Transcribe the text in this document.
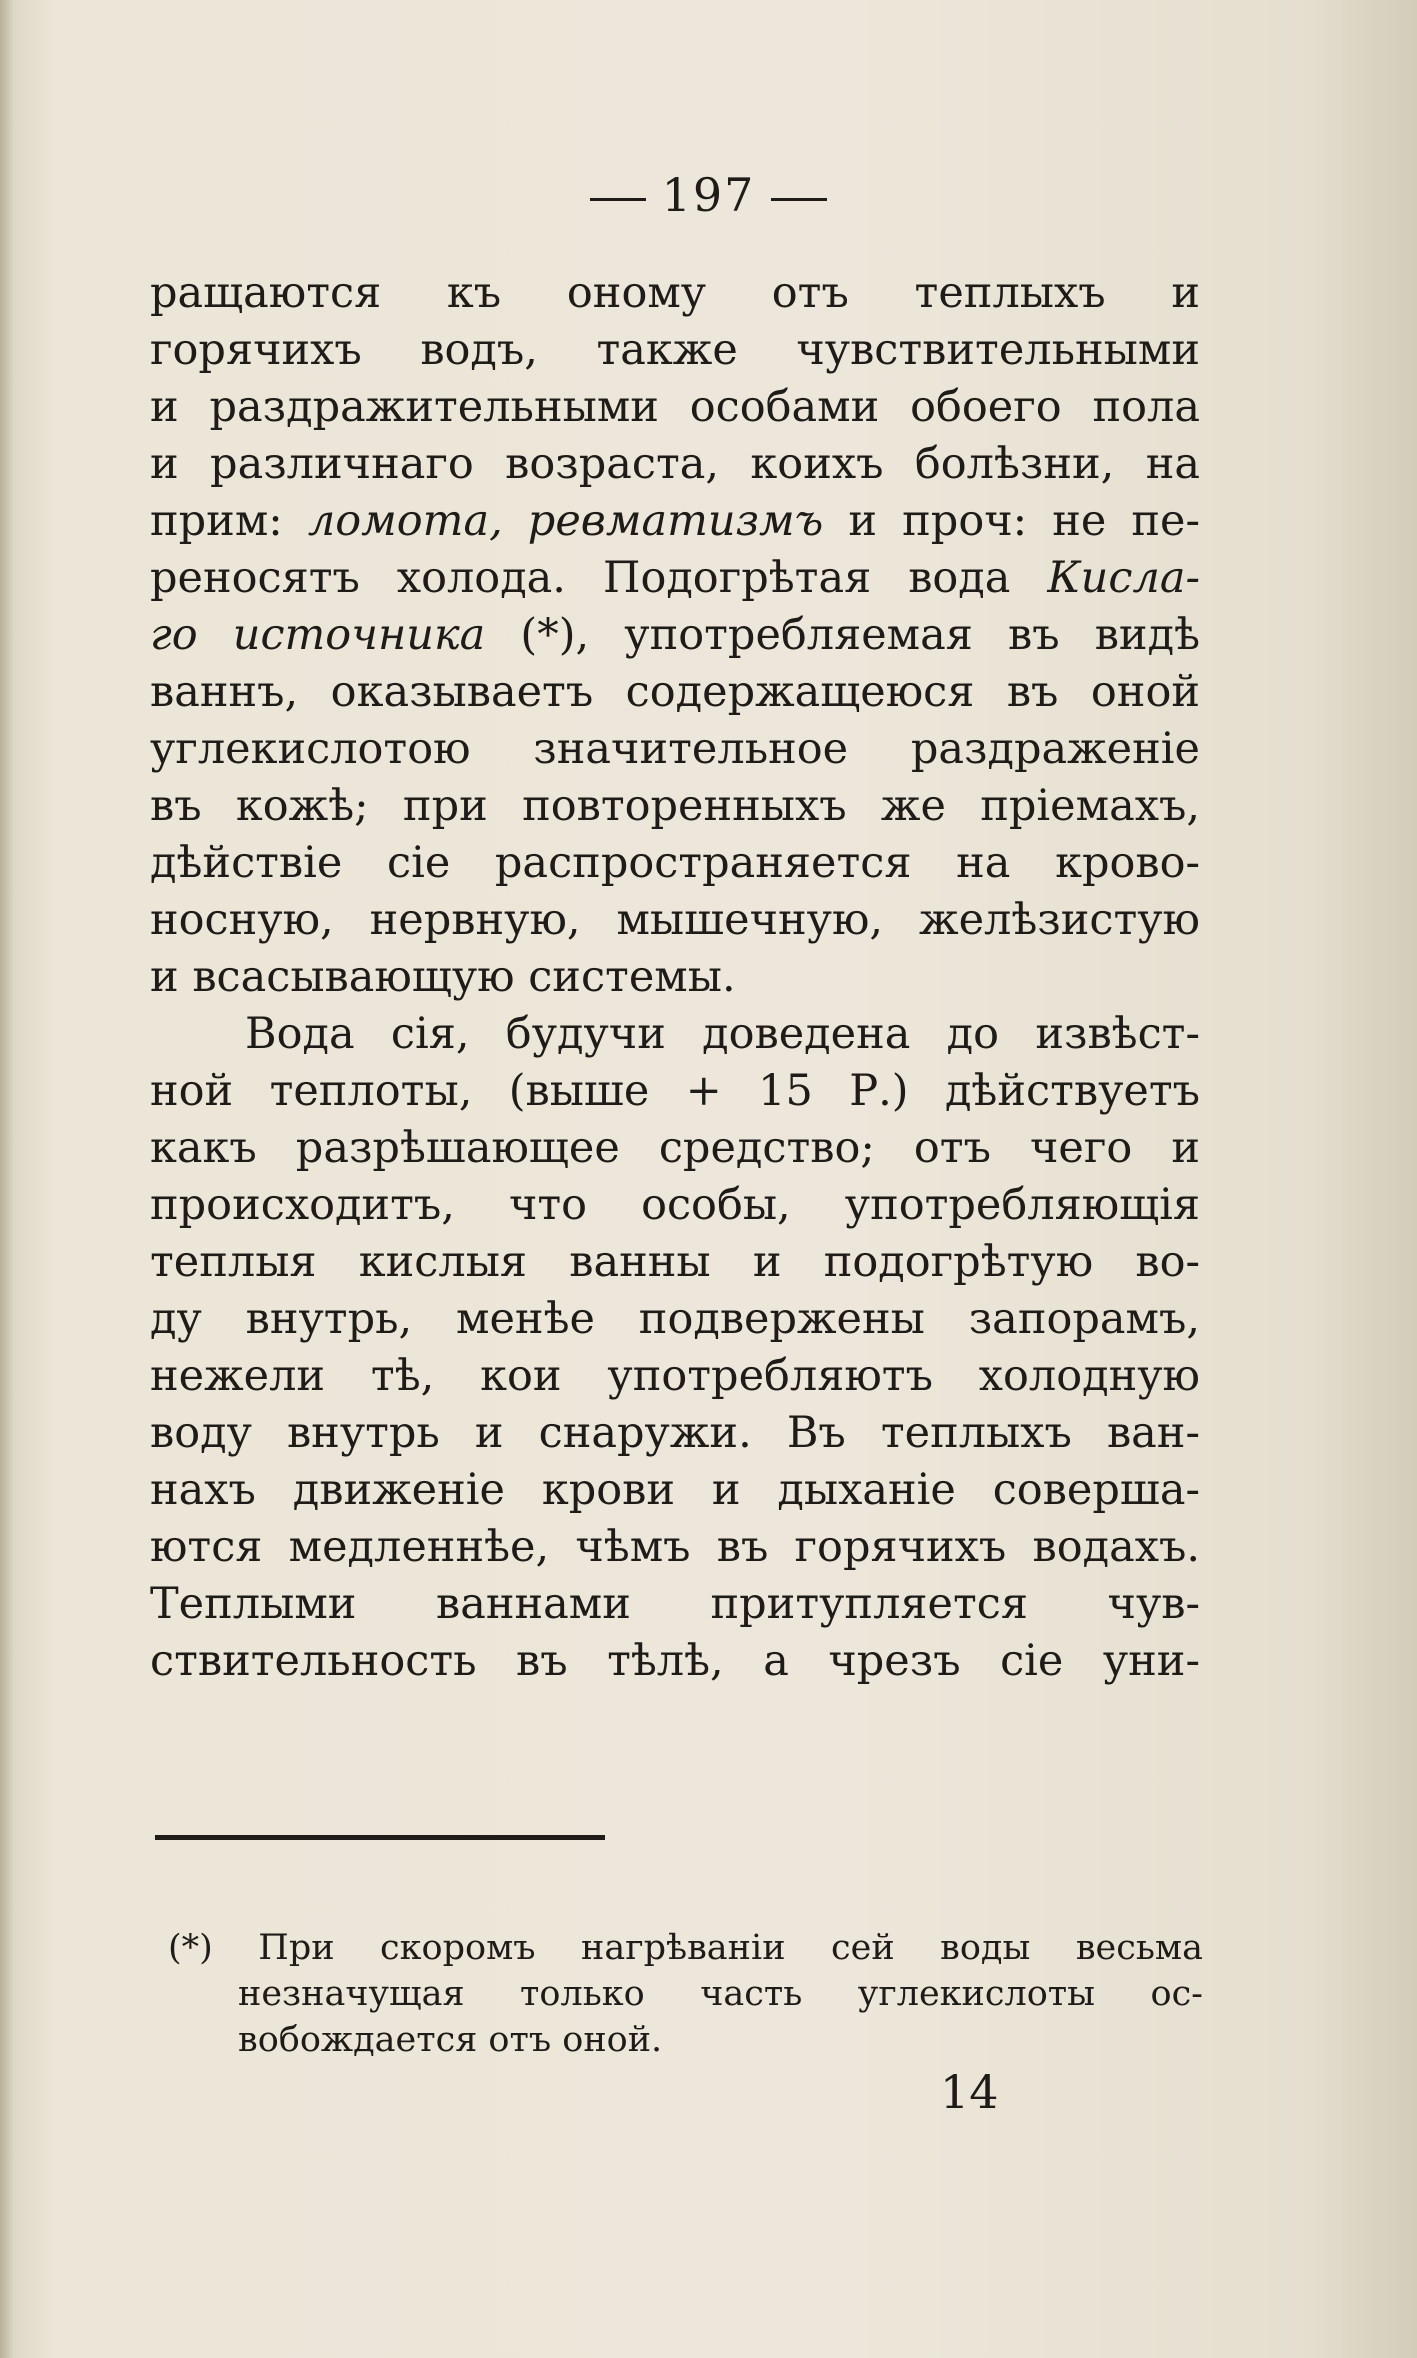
197
ращаются къ оному отъ теплыхъ и
горячихъ водъ, также чувствительными
и раздражительными особами обоего пола
и различнаго возраста, коихъ болѣзни, на
прим: ломота, ревматизмъ и проч: не пе-
реносятъ холода. Подогрѣтая вода Кисла-
го источника (*), употребляемая въ видѣ
ваннъ, оказываетъ содержащеюся въ оной
углекислотою значительное раздраженіе
въ кожѣ; при повторенныхъ же пріемахъ,
дѣйствіе сіе распространяется на крово-
носную, нервную, мышечную, желѣзистую
и всасывающую системы.
Вода сія, будучи доведена до извѣст-
ной теплоты, (выше + 15 Р.) дѣйствуетъ
какъ разрѣшающее средство; отъ чего и
происходитъ, что особы, употребляющія
теплыя кислыя ванны и подогрѣтую во-
ду внутрь, менѣе подвержены запорамъ,
нежели тѣ, кои употребляютъ холодную
воду внутрь и снаружи. Въ теплыхъ ван-
нахъ движеніе крови и дыханіе соверша-
ются медленнѣе, чѣмъ въ горячихъ водахъ.
Теплыми ваннами притупляется чув-
ствительность въ тѣлѣ, а чрезъ сіе уни-
(*) При скоромъ нагрѣваніи сей воды весьма
незначущая только часть углекислоты ос-
вобождается отъ оной.
14
